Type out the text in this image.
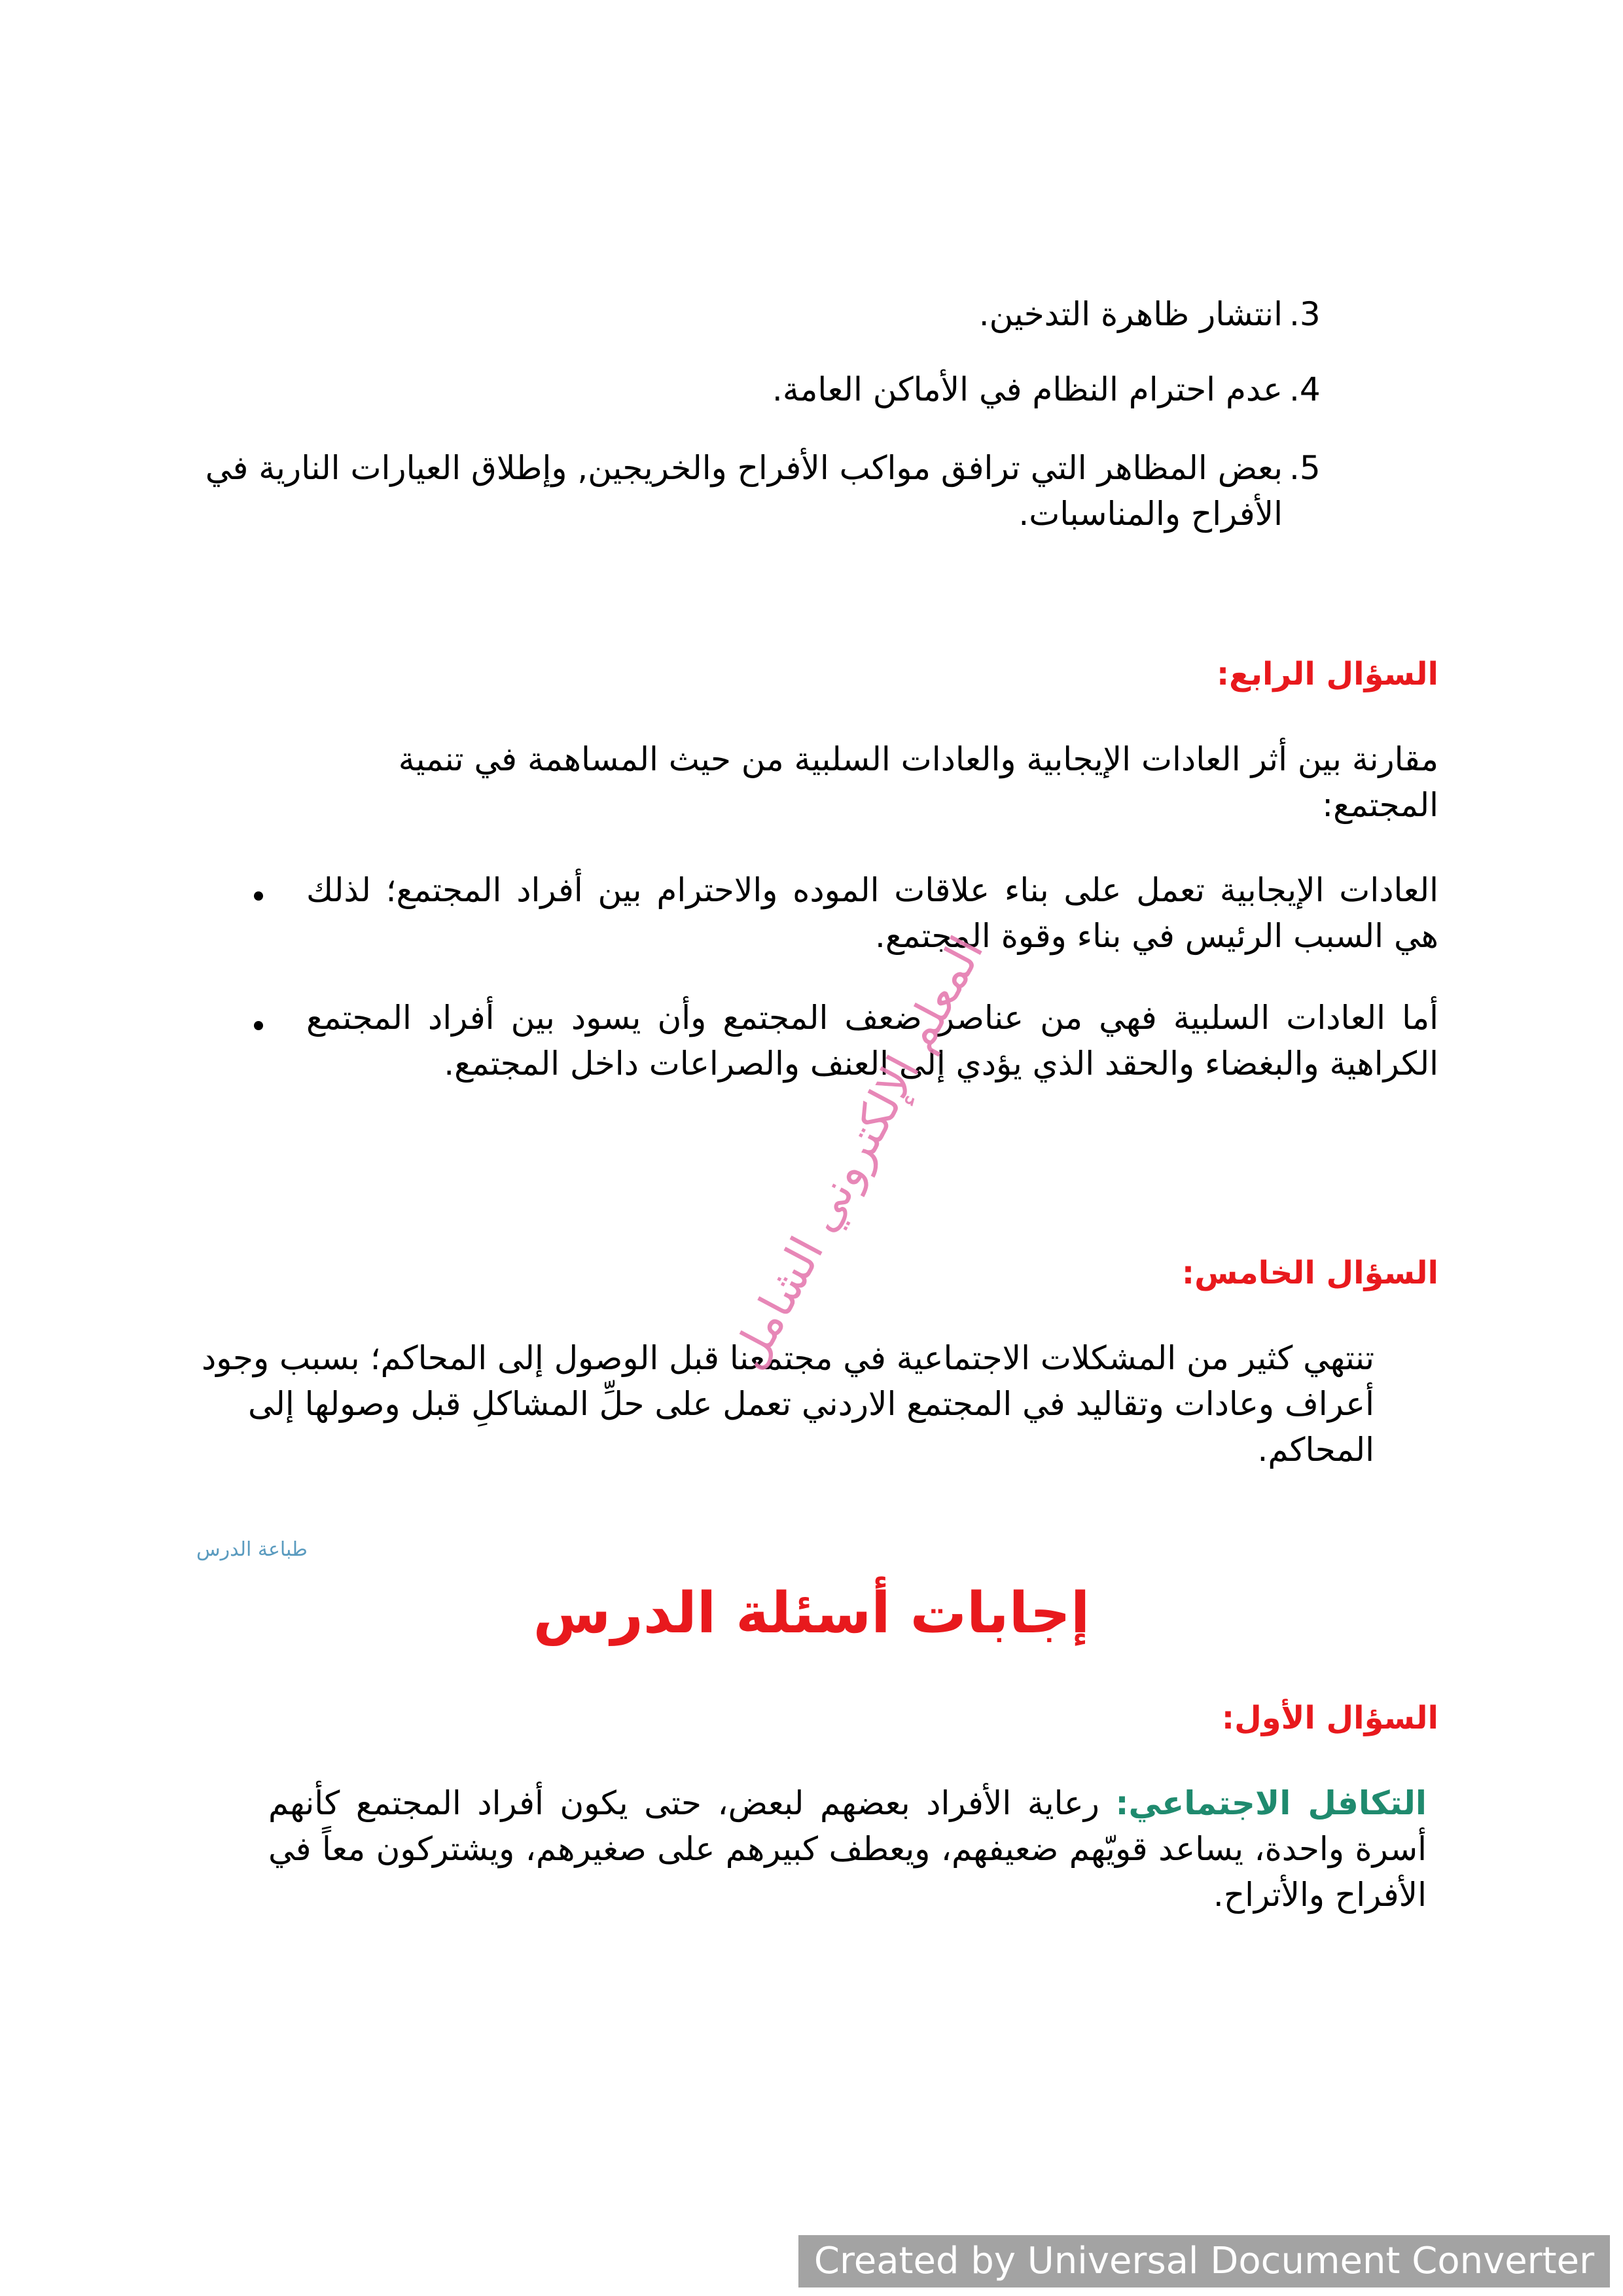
.3
انتشار ظاهرة التدخين.
.4
عدم احترام النظام في الأماكن العامة.
.5
بعض المظاهر التي ترافق مواكب الأفراح والخريجين, وإطلاق العيارات النارية في الأفراح والمناسبات.
السؤال الرابع:
مقارنة بين أثر العادات الإيجابية والعادات السلبية من حيث المساهمة في تنمية المجتمع:
العادات الإيجابية تعمل على بناء علاقات الموده والاحترام بين أفراد المجتمع؛ لذلك هي السبب الرئيس في بناء وقوة المجتمع.
أما العادات السلبية فهي من عناصر ضعف المجتمع وأن يسود بين أفراد المجتمع الكراهية والبغضاء والحقد الذي يؤدي إلى العنف والصراعات داخل المجتمع.
السؤال الخامس:
تنتهي كثير من المشكلات الاجتماعية في مجتمعنا قبل الوصول إلى المحاكم؛ بسبب وجود أعراف وعادات وتقاليد في المجتمع الاردني تعمل على حلِّ المشاكلِ قبل وصولها إلى المحاكم.
طباعة الدرس
إجابات أسئلة الدرس
السؤال الأول:
التكافل الاجتماعي: رعاية الأفراد بعضهم لبعض، حتى يكون أفراد المجتمع كأنهم أسرة واحدة، يساعد قويّهم ضعيفهم، ويعطف كبيرهم على صغيرهم، ويشتركون معاً في الأفراح والأتراح.
المعلم الإلكتروني الشامل
Created by Universal Document Converter
